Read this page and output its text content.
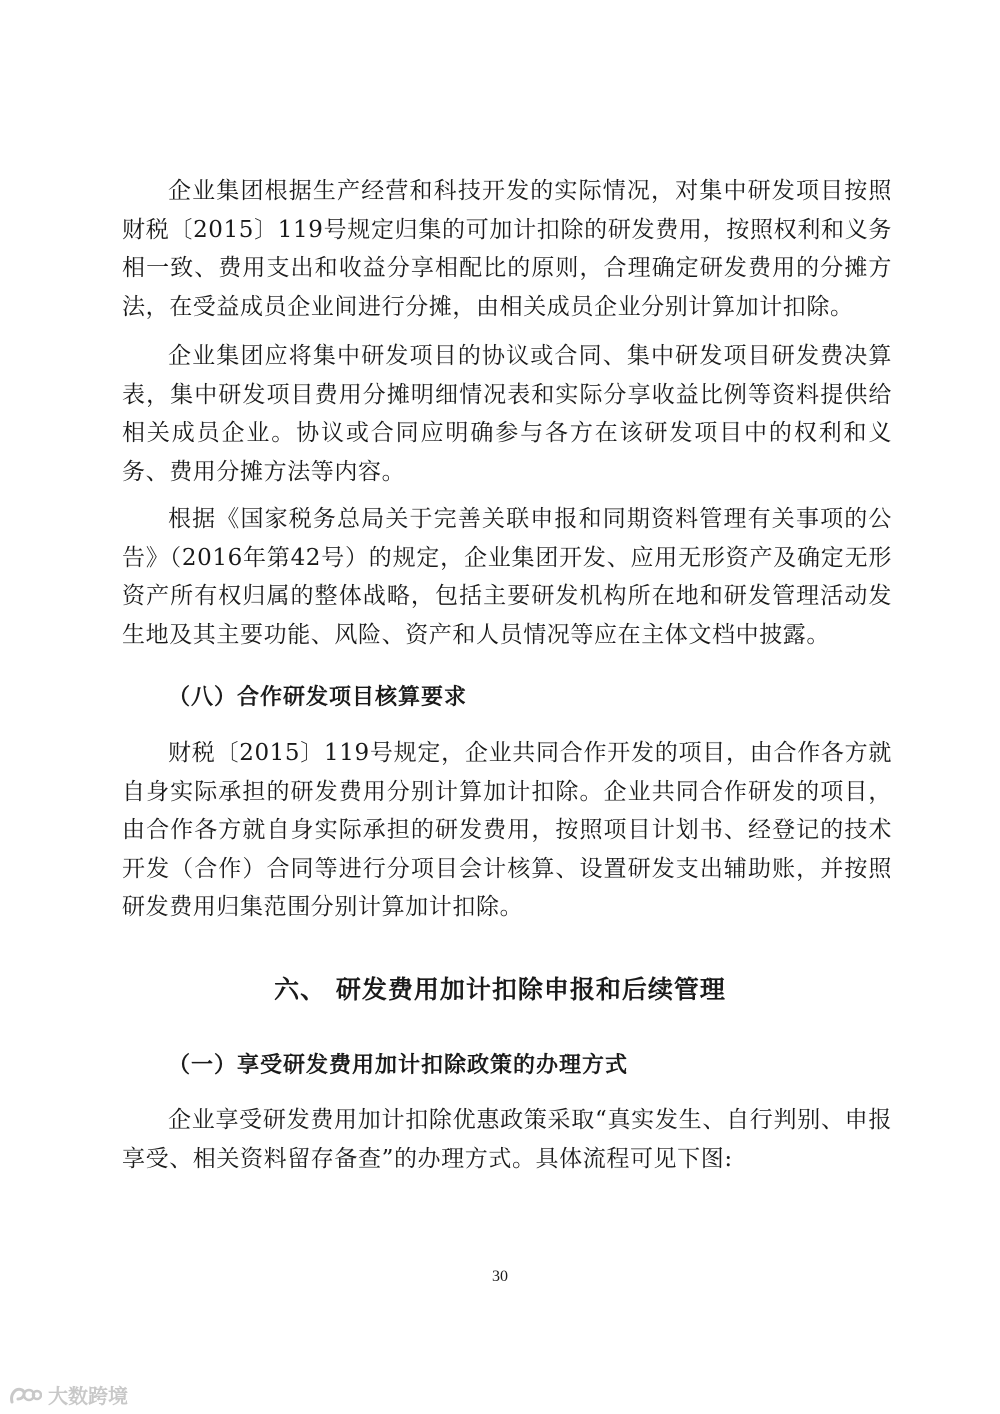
企业集团根据生产经营和科技开发的实际情况，对集中研发项目按照财税〔2015〕119号规定归集的可加计扣除的研发费用，按照权利和义务相一致、费用支出和收益分享相配比的原则，合理确定研发费用的分摊方法，在受益成员企业间进行分摊，由相关成员企业分别计算加计扣除。

企业集团应将集中研发项目的协议或合同、集中研发项目研发费决算表，集中研发项目费用分摊明细情况表和实际分享收益比例等资料提供给相关成员企业。协议或合同应明确参与各方在该研发项目中的权利和义务、费用分摊方法等内容。

根据《国家税务总局关于完善关联申报和同期资料管理有关事项的公告》（2016年第42号）的规定，企业集团开发、应用无形资产及确定无形资产所有权归属的整体战略，包括主要研发机构所在地和研发管理活动发生地及其主要功能、风险、资产和人员情况等应在主体文档中披露。

（八）合作研发项目核算要求

财税〔2015〕119号规定，企业共同合作开发的项目，由合作各方就自身实际承担的研发费用分别计算加计扣除。企业共同合作研发的项目，由合作各方就自身实际承担的研发费用，按照项目计划书、经登记的技术开发（合作）合同等进行分项目会计核算、设置研发支出辅助账，并按照研发费用归集范围分别计算加计扣除。

六、 研发费用加计扣除申报和后续管理
（一）享受研发费用加计扣除政策的办理方式

企业享受研发费用加计扣除优惠政策采取“真实发生、自行判别、申报享受、相关资料留存备查”的办理方式。具体流程可见下图:

30
大数跨境
